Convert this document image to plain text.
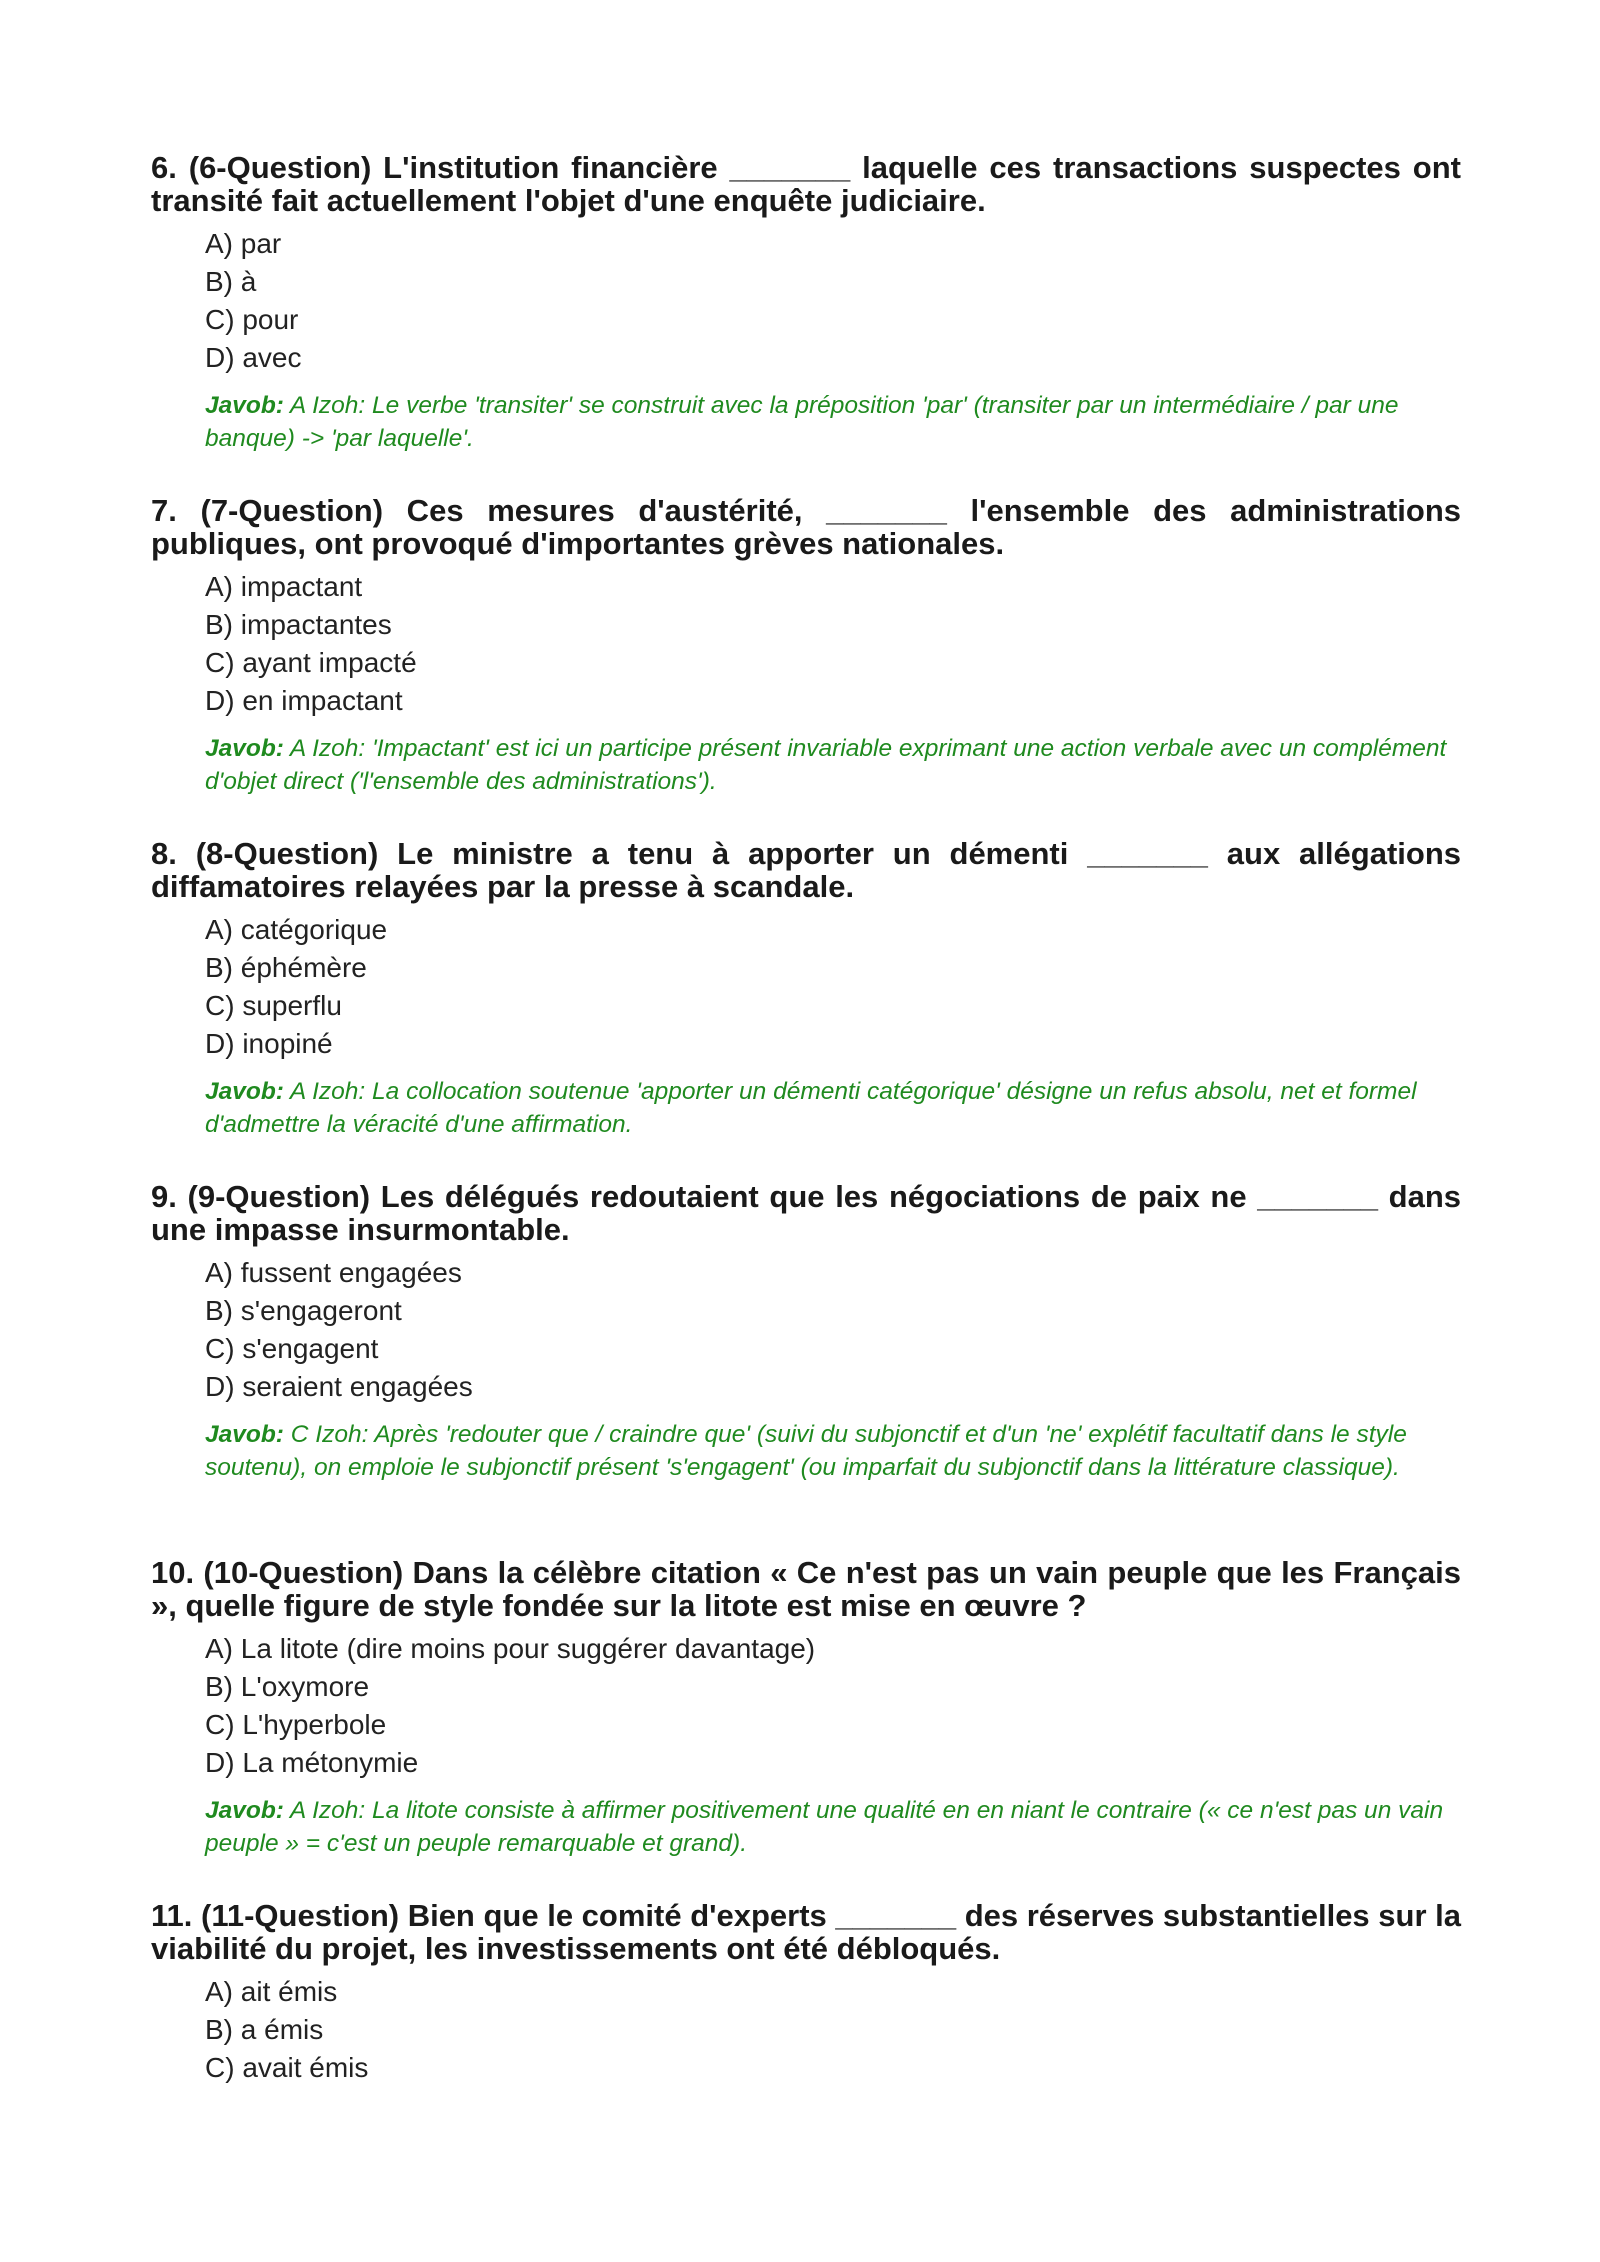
6. (6-Question) L'institution financière _______ laquelle ces transactions suspectes ont transité fait actuellement l'objet d'une enquête judiciaire.

A) par
B) à
C) pour
D) avec
Javob: A Izoh: Le verbe 'transiter' se construit avec la préposition 'par' (transiter par un intermédiaire / par une banque) -> 'par laquelle'.

7. (7-Question) Ces mesures d'austérité, _______ l'ensemble des administrations publiques, ont provoqué d'importantes grèves nationales.

A) impactant
B) impactantes
C) ayant impacté
D) en impactant
Javob: A Izoh: 'Impactant' est ici un participe présent invariable exprimant une action verbale avec un complément d'objet direct ('l'ensemble des administrations').

8. (8-Question) Le ministre a tenu à apporter un démenti _______ aux allégations diffamatoires relayées par la presse à scandale.

A) catégorique
B) éphémère
C) superflu
D) inopiné
Javob: A Izoh: La collocation soutenue 'apporter un démenti catégorique' désigne un refus absolu, net et formel d'admettre la véracité d'une affirmation.

9. (9-Question) Les délégués redoutaient que les négociations de paix ne _______ dans une impasse insurmontable.

A) fussent engagées
B) s'engageront
C) s'engagent
D) seraient engagées
Javob: C Izoh: Après 'redouter que / craindre que' (suivi du subjonctif et d'un 'ne' explétif facultatif dans le style soutenu), on emploie le subjonctif présent 's'engagent' (ou imparfait du subjonctif dans la littérature classique).

10. (10-Question) Dans la célèbre citation « Ce n'est pas un vain peuple que les Français », quelle figure de style fondée sur la litote est mise en œuvre ?

A) La litote (dire moins pour suggérer davantage)
B) L'oxymore
C) L'hyperbole
D) La métonymie
Javob: A Izoh: La litote consiste à affirmer positivement une qualité en en niant le contraire (« ce n'est pas un vain peuple » = c'est un peuple remarquable et grand).

11. (11-Question) Bien que le comité d'experts _______ des réserves substantielles sur la viabilité du projet, les investissements ont été débloqués.

A) ait émis
B) a émis
C) avait émis
